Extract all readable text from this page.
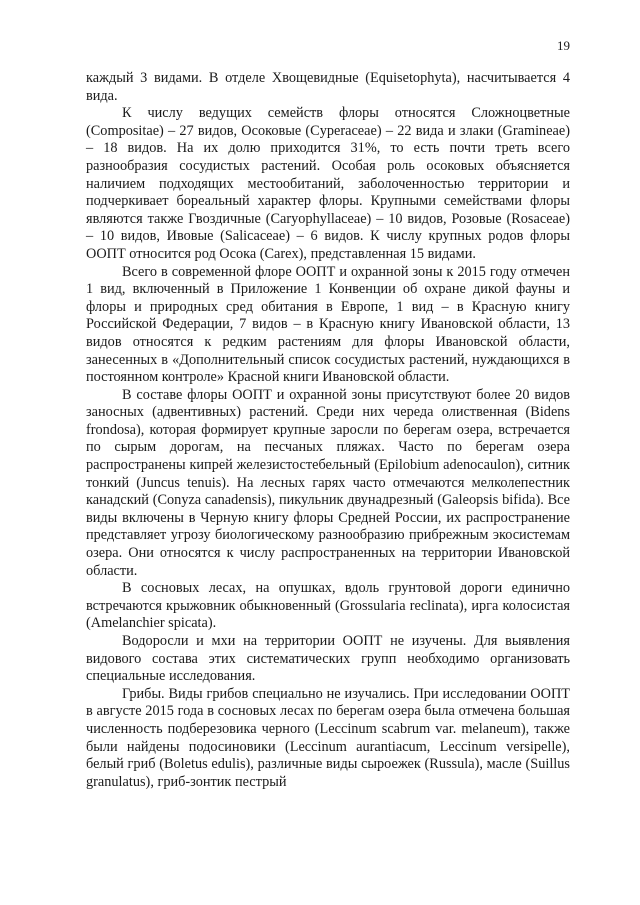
19

каждый 3 видами. В отделе Хвощевидные (Equisetophyta), насчитывается 4 вида.

К числу ведущих семейств флоры относятся Сложноцветные (Compositae) – 27 видов, Осоковые (Cyperaceae) – 22 вида и злаки (Gramineae) – 18 видов. На их долю приходится 31%, то есть почти треть всего разнообразия сосудистых растений. Особая роль осоковых объясняется наличием подходящих местообитаний, заболоченностью территории и подчеркивает бореальный характер флоры. Крупными семействами флоры являются также Гвоздичные (Caryophyllaceae) – 10 видов, Розовые (Rosaceae) – 10 видов, Ивовые (Salicaceae) – 6 видов. К числу крупных родов флоры ООПТ относится род Осока (Carex), представленная 15 видами.

Всего в современной флоре ООПТ и охранной зоны к 2015 году отмечен 1 вид, включенный в Приложение 1 Конвенции об охране дикой фауны и флоры и природных сред обитания в Европе, 1 вид – в Красную книгу Российской Федерации, 7 видов – в Красную книгу Ивановской области, 13 видов относятся к редким растениям для флоры Ивановской области, занесенных в «Дополнительный список сосудистых растений, нуждающихся в постоянном контроле» Красной книги Ивановской области.

В составе флоры ООПТ и охранной зоны присутствуют более 20 видов заносных (адвентивных) растений. Среди них череда олиственная (Bidens frondosa), которая формирует крупные заросли по берегам озера, встречается по сырым дорогам, на песчаных пляжах. Часто по берегам озера распространены кипрей железистостебельный (Epilobium adenocaulon), ситник тонкий (Juncus tenuis). На лесных гарях часто отмечаются мелколепестник канадский (Conyza canadensis), пикульник двунадрезный (Galeopsis bifida). Все виды включены в Черную книгу флоры Средней России, их распространение представляет угрозу биологическому разнообразию прибрежным экосистемам озера. Они относятся к числу распространенных на территории Ивановской области.

В сосновых лесах, на опушках, вдоль грунтовой дороги единично встречаются крыжовник обыкновенный (Grossularia reclinata), ирга колосистая (Amelanchier spicata).

Водоросли и мхи на территории ООПТ не изучены. Для выявления видового состава этих систематических групп необходимо организовать специальные исследования.

Грибы. Виды грибов специально не изучались. При исследовании ООПТ в августе 2015 года в сосновых лесах по берегам озера была отмечена большая численность подберезовика черного (Leccinum scabrum var. melaneum), также были найдены подосиновики (Leccinum aurantiacum, Leccinum versipelle), белый гриб (Boletus edulis), различные виды сыроежек (Russula), масле (Suillus granulatus), гриб-зонтик пестрый
